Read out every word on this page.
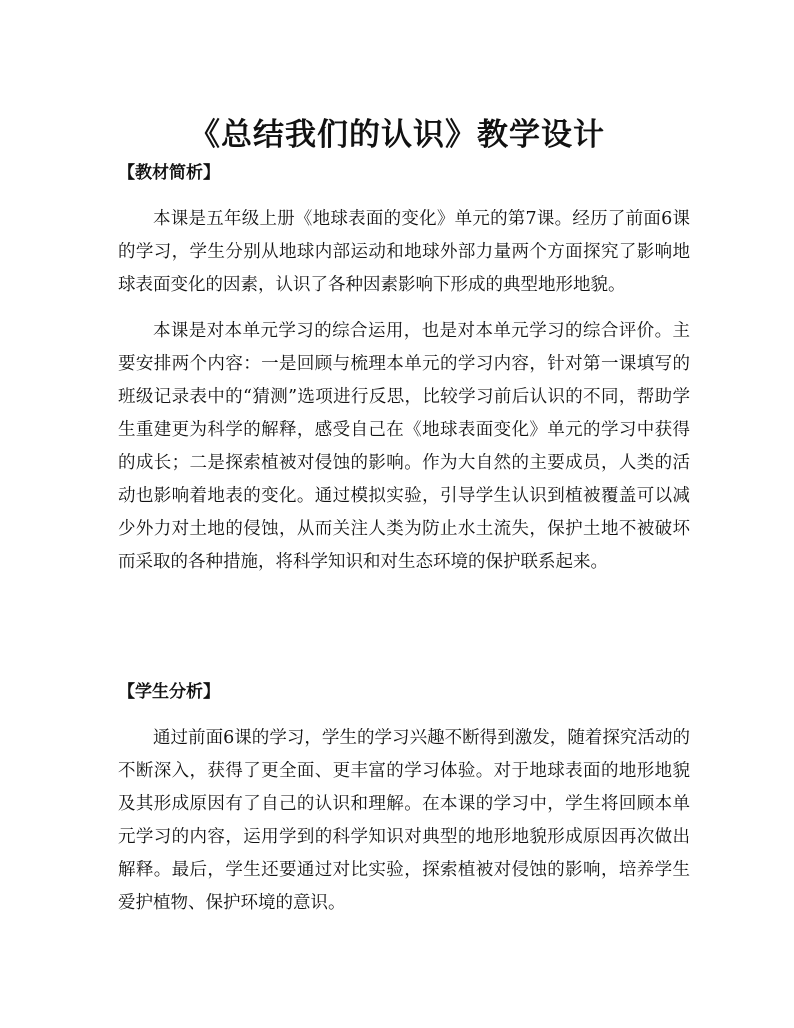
《总结我们的认识》教学设计
【教材简析】

本课是五年级上册《地球表面的变化》单元的第7课。经历了前面6课的学习，学生分别从地球内部运动和地球外部力量两个方面探究了影响地球表面变化的因素，认识了各种因素影响下形成的典型地形地貌。

本课是对本单元学习的综合运用，也是对本单元学习的综合评价。主要安排两个内容：一是回顾与梳理本单元的学习内容，针对第一课填写的班级记录表中的“猜测”选项进行反思，比较学习前后认识的不同，帮助学生重建更为科学的解释，感受自己在《地球表面变化》单元的学习中获得的成长；二是探索植被对侵蚀的影响。作为大自然的主要成员，人类的活动也影响着地表的变化。通过模拟实验，引导学生认识到植被覆盖可以减少外力对土地的侵蚀，从而关注人类为防止水土流失，保护土地不被破坏而采取的各种措施，将科学知识和对生态环境的保护联系起来。

【学生分析】

通过前面6课的学习，学生的学习兴趣不断得到激发，随着探究活动的不断深入，获得了更全面、更丰富的学习体验。对于地球表面的地形地貌及其形成原因有了自己的认识和理解。在本课的学习中，学生将回顾本单元学习的内容，运用学到的科学知识对典型的地形地貌形成原因再次做出解释。最后，学生还要通过对比实验，探索植被对侵蚀的影响，培养学生爱护植物、保护环境的意识。
